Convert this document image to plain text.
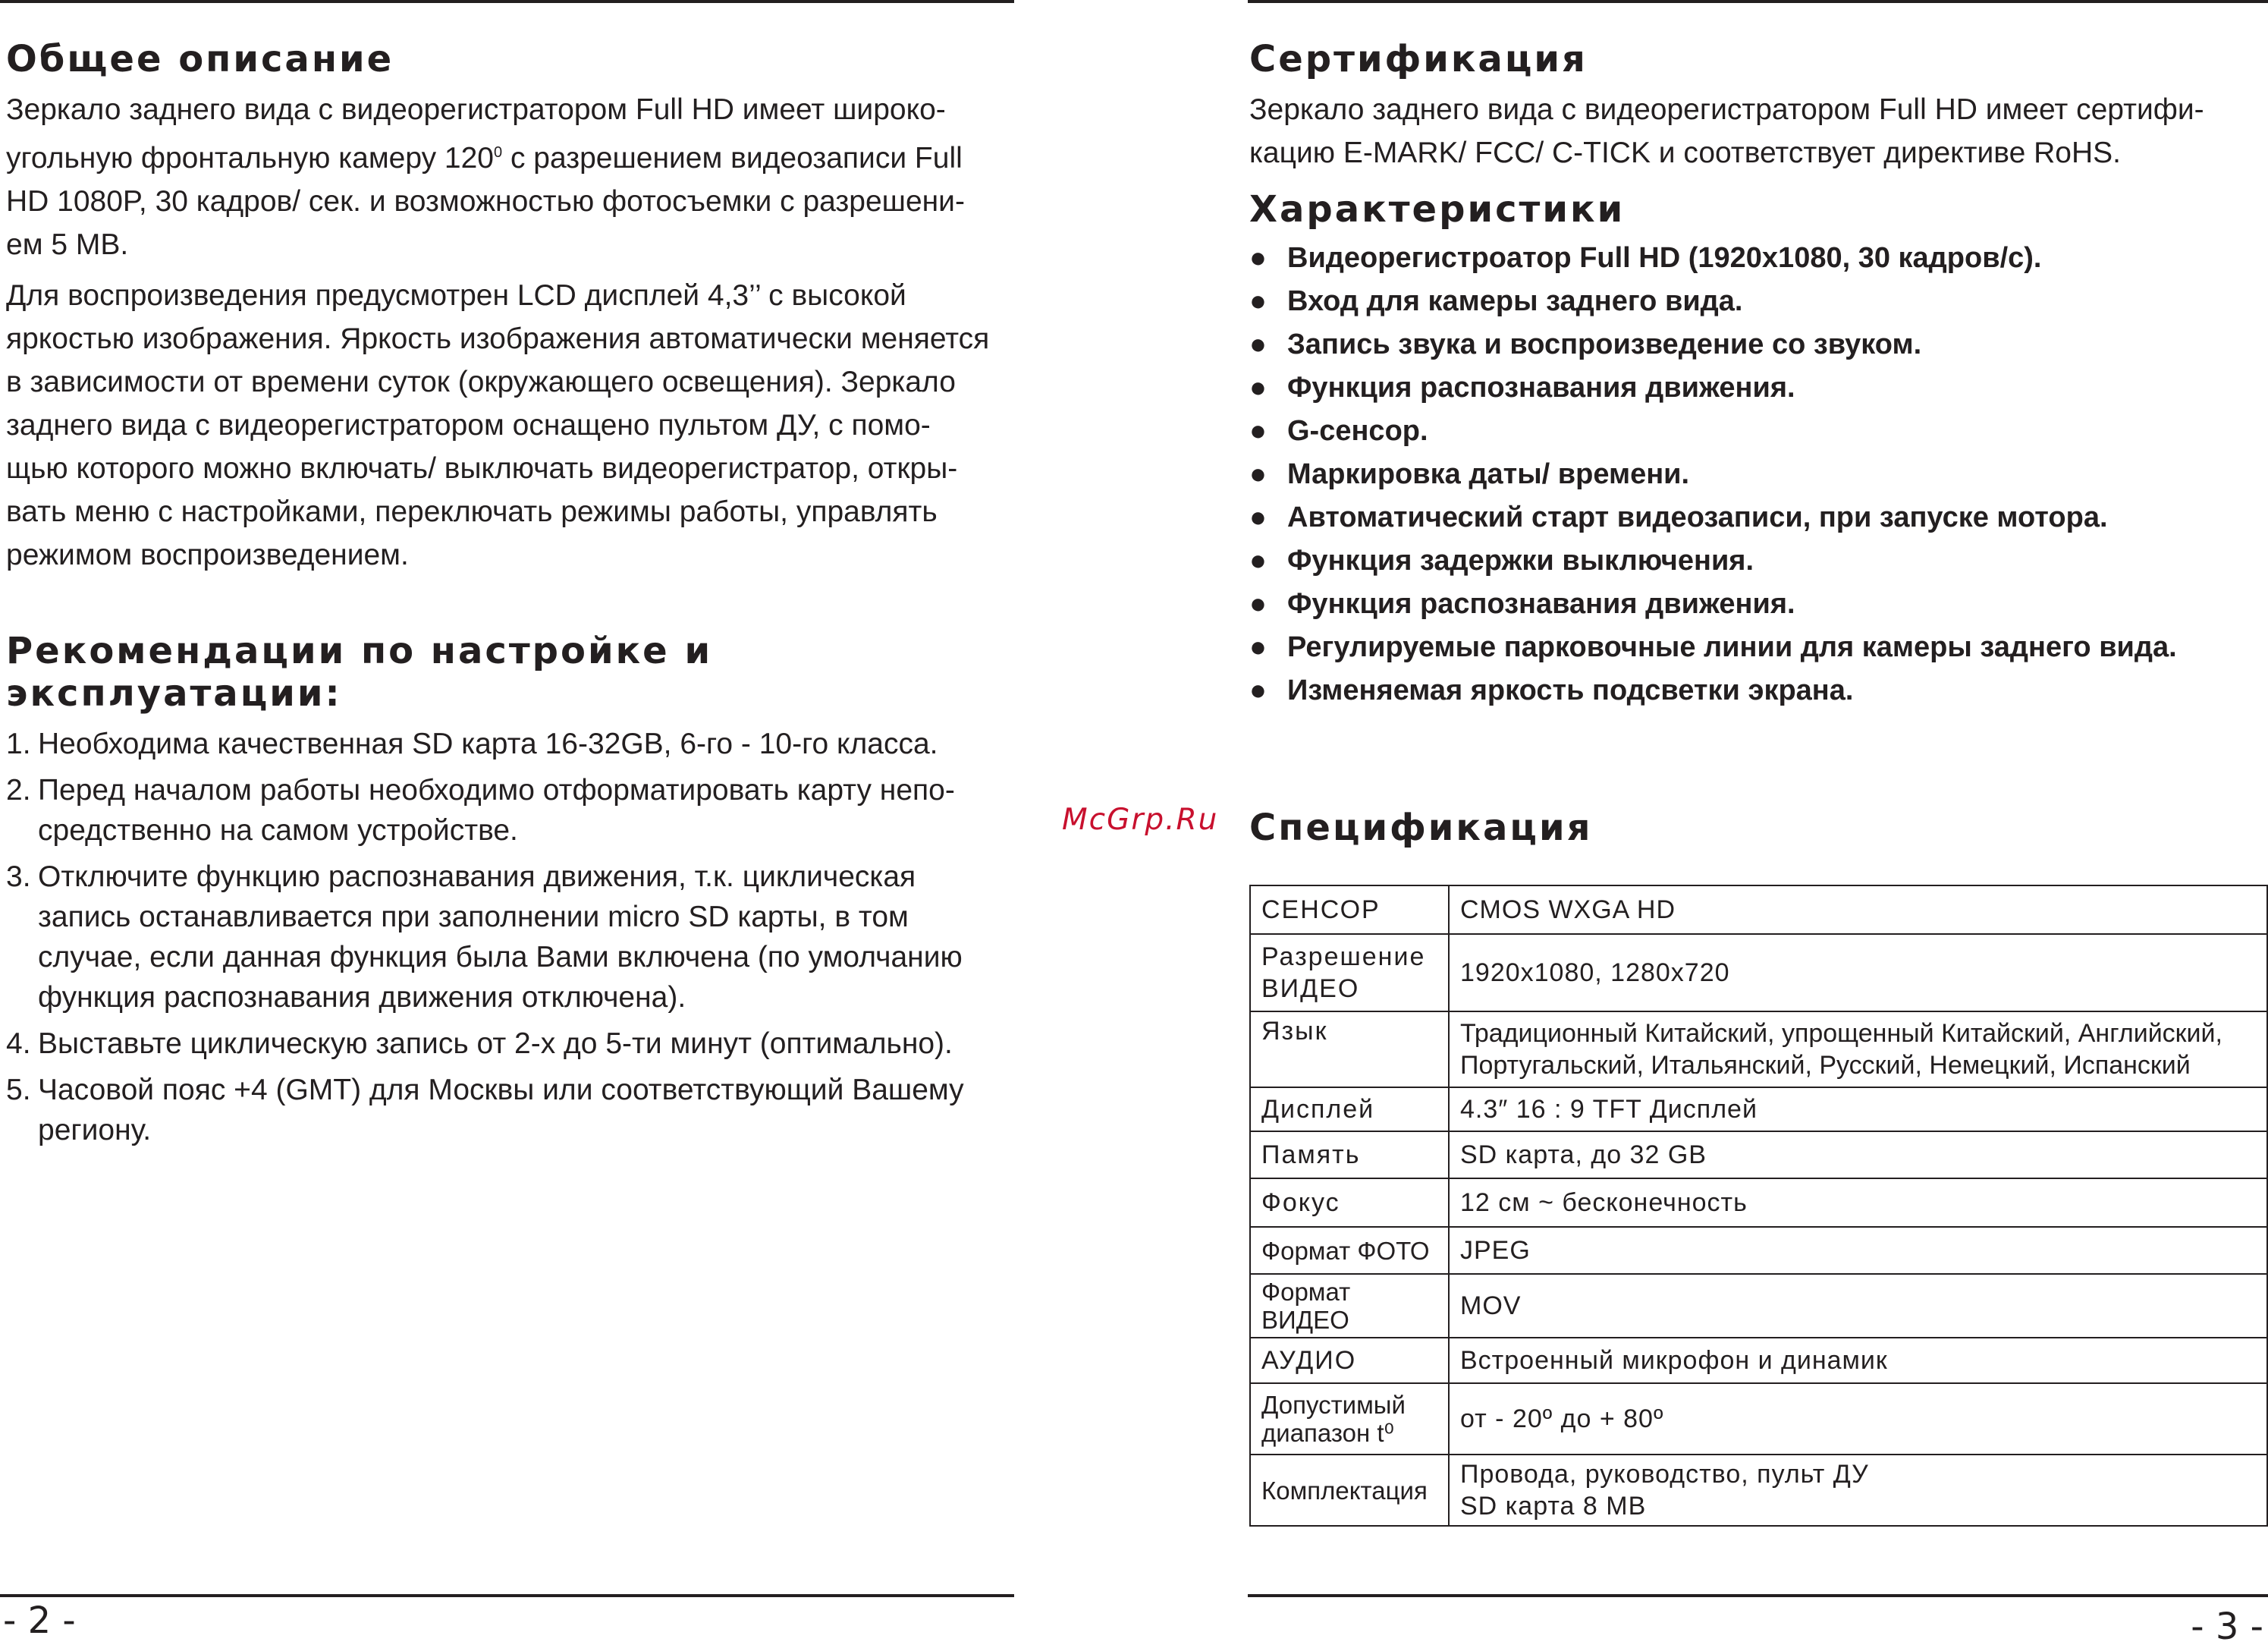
Общее описание

Зеркало заднего вида с видеорегистратором Full HD имеет широко-

угольную фронтальную камеру $120^0$ с разрешением видеозаписи Full

HD 1080P, 30 кадров/ сек. и возможностью фотосъемки с разрешени-

ем 5 MB.

Для воспроизведения предусмотрен LCD дисплей 4,3’’ с высокой

яркостью изображения. Яркость изображения автоматически меняется

в зависимости от времени суток (окружающего освещения). Зеркало

заднего вида с видеорегистратором оснащено пультом ДУ, с помо-

щью которого можно включать/ выключать видеорегистратор, откры-

вать меню с настройками, переключать режимы работы, управлять

режимом воспроизведением.

Рекомендации по настройке и эксплуатации:
1. Необходима качественная SD карта 16-32GB, 6-го - 10-го класса.
2. Перед началом работы необходимо отформатировать карту непо-
средственно на самом устройстве.
3. Отключите функцию распознавания движения, т.к. циклическая
запись останавливается при заполнении micro SD карты, в том
случае, если данная функция была Вами включена (по умолчанию
функция распознавания движения отключена).
4. Выставьте циклическую запись от 2-х до 5-ти минут (оптимально).
5. Часовой пояс +4 (GMT) для Москвы или соответствующий Вашему
региону.
McGrp.Ru
Сертификация

Зеркало заднего вида с видеорегистратором Full HD имеет сертифи-

кацию E-MARK/ FCC/ C-TICK и соответствует директиве RoHS.

Характеристики
● Видеорегистроатор Full HD (1920x1080, 30 кадров/с).
● Вход для камеры заднего вида.
● Запись звука и воспроизведение со звуком.
● Функция распознавания движения.
● G-сенсор.
● Маркировка даты/ времени.
● Автоматический старт видеозаписи, при запуске мотора.
● Функция задержки выключения.
● Функция распознавания движения.
● Регулируемые парковочные линии для камеры заднего вида.
● Изменяемая яркость подсветки экрана.
Спецификация
СЕНСОР	CMOS WXGA HD
Разрешение
ВИДЕО	1920x1080, 1280x720
Язык	Традиционный Китайский, упрощенный Китайский, Английский,
Португальский, Итальянский, Русский, Немецкий, Испанский
Дисплей	4.3″ 16 : 9 TFT Дисплей
Память	SD карта, до 32 GB
Фокус	12 см ~ бесконечность
Формат ФОТО	JPEG
Формат ВИДЕО	MOV
АУДИО	Встроенный микрофон и динамик
Допустимый
диапазон t⁰	от - 20º до + 80º
Комплектация	Провода, руководство, пульт ДУ
SD карта 8 MB
- 2 -	- 3 -
